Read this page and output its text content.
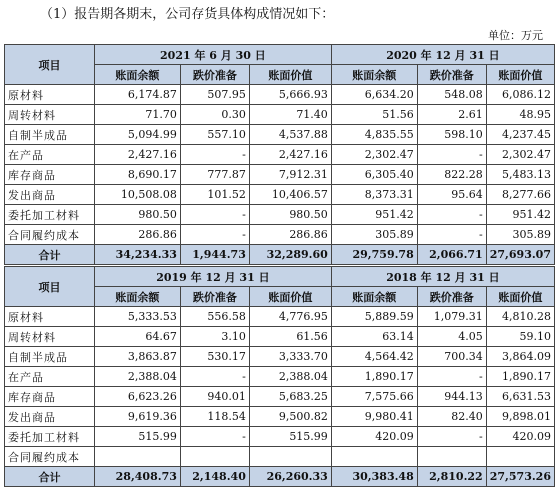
（1）报告期各期末，公司存货具体构成情况如下：
单位：万元
项目	2021 年 6 月 30 日			2020 年 12 月 31 日		
	账面余额	跌价准备	账面价值	账面余额	跌价准备	账面价值
原材料	6,174.87	507.95	5,666.93	6,634.20	548.08	6,086.12
周转材料	71.70	0.30	71.40	51.56	2.61	48.95
自制半成品	5,094.99	557.10	4,537.88	4,835.55	598.10	4,237.45
在产品	2,427.16	-	2,427.16	2,302.47	-	2,302.47
库存商品	8,690.17	777.87	7,912.31	6,305.40	822.28	5,483.13
发出商品	10,508.08	101.52	10,406.57	8,373.31	95.64	8,277.66
委托加工材料	980.50	-	980.50	951.42	-	951.42
合同履约成本	286.86	-	286.86	305.89	-	305.89
合计	34,234.33	1,944.73	32,289.60	29,759.78	2,066.71	27,693.07
项目	2019 年 12 月 31 日			2018 年 12 月 31 日		
	账面余额	跌价准备	账面价值	账面余额	跌价准备	账面价值
原材料	5,333.53	556.58	4,776.95	5,889.59	1,079.31	4,810.28
周转材料	64.67	3.10	61.56	63.14	4.05	59.10
自制半成品	3,863.87	530.17	3,333.70	4,564.42	700.34	3,864.09
在产品	2,388.04	-	2,388.04	1,890.17	-	1,890.17
库存商品	6,623.26	940.01	5,683.25	7,575.66	944.13	6,631.53
发出商品	9,619.36	118.54	9,500.82	9,980.41	82.40	9,898.01
委托加工材料	515.99	-	515.99	420.09	-	420.09
合同履约成本						
合计	28,408.73	2,148.40	26,260.33	30,383.48	2,810.22	27,573.26
